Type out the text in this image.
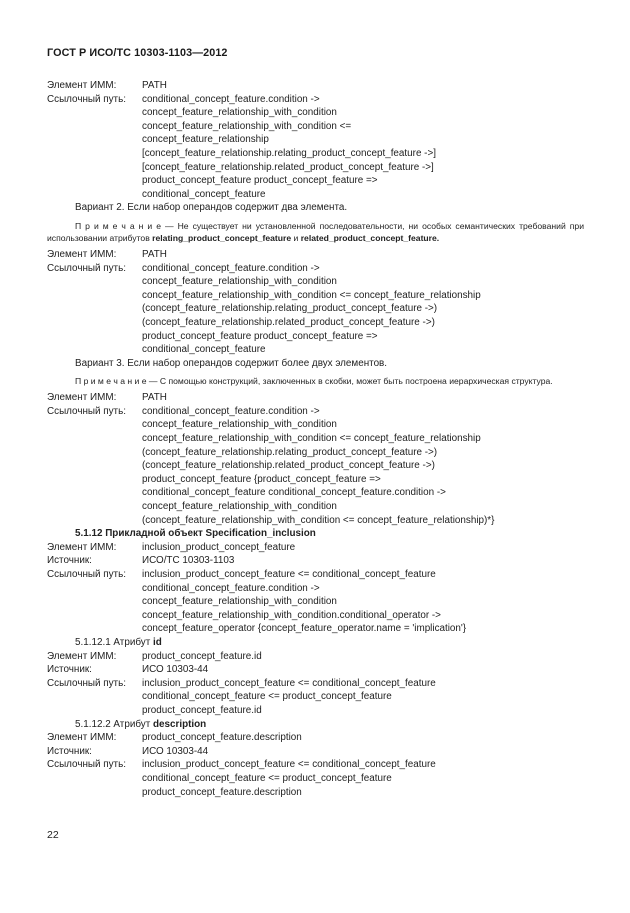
ГОСТ Р ИСО/ТС 10303-1103—2012
Элемент ИММ:	PATH
Ссылочный путь:	conditional_concept_feature.condition ->
concept_feature_relationship_with_condition
concept_feature_relationship_with_condition <=
concept_feature_relationship
[concept_feature_relationship.relating_product_concept_feature ->]
[concept_feature_relationship.related_product_concept_feature ->]
product_concept_feature product_concept_feature =>
conditional_concept_feature
Вариант 2. Если набор операндов содержит два элемента.
П р и м е ч а н и е — Не существует ни установленной последовательности, ни особых семантических требований при использовании атрибутов relating_product_concept_feature и related_product_concept_feature.
Элемент ИММ:	PATH
Ссылочный путь:	conditional_concept_feature.condition ->
concept_feature_relationship_with_condition
concept_feature_relationship_with_condition <= concept_feature_relationship
(concept_feature_relationship.relating_product_concept_feature ->)
(concept_feature_relationship.related_product_concept_feature ->)
product_concept_feature product_concept_feature =>
conditional_concept_feature
Вариант 3. Если набор операндов содержит более двух элементов.
П р и м е ч а н и е — С помощью конструкций, заключенных в скобки, может быть построена иерархическая структура.
Элемент ИММ:	PATH
Ссылочный путь:	conditional_concept_feature.condition ->
concept_feature_relationship_with_condition
concept_feature_relationship_with_condition <= concept_feature_relationship
(concept_feature_relationship.relating_product_concept_feature ->)
(concept_feature_relationship.related_product_concept_feature ->)
product_concept_feature {product_concept_feature =>
conditional_concept_feature conditional_concept_feature.condition ->
concept_feature_relationship_with_condition
(concept_feature_relationship_with_condition <= concept_feature_relationship)*}
5.1.12 Прикладной объект Specification_inclusion
Элемент ИММ:	inclusion_product_concept_feature
Источник:	ИСО/ТС 10303-1103
Ссылочный путь:	inclusion_product_concept_feature <= conditional_concept_feature
conditional_concept_feature.condition ->
concept_feature_relationship_with_condition
concept_feature_relationship_with_condition.conditional_operator ->
concept_feature_operator {concept_feature_operator.name = 'implication'}
5.1.12.1 Атрибут id
Элемент ИММ:	product_concept_feature.id
Источник:	ИСО 10303-44
Ссылочный путь:	inclusion_product_concept_feature <= conditional_concept_feature
conditional_concept_feature <= product_concept_feature
product_concept_feature.id
5.1.12.2 Атрибут description
Элемент ИММ:	product_concept_feature.description
Источник:	ИСО 10303-44
Ссылочный путь:	inclusion_product_concept_feature <= conditional_concept_feature
conditional_concept_feature <= product_concept_feature
product_concept_feature.description
22
